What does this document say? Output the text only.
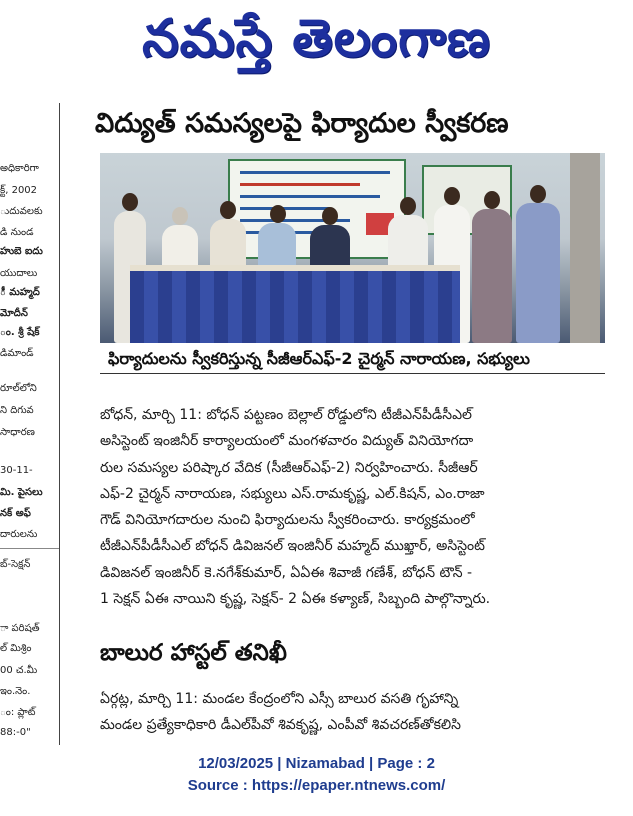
నమస్తే తెలంగాణ
అధికారిగా
క్ట్, 2002
ుదువలకు
డి నుండ
హుబె ఐదు
యుదాలు
ీ మహ్మద్
మోదీన్
ం. శ్రీ షేక్
డిమాండ్
రూల్‌లోని
ని దిగువ
సాధారణ
30-11-
మి. పైసలు
నక్ అఫ్
దారులను
బ్-సెక్షన్
ా పరిషత్
ల్ మిశ్రిం
00 చ.మీ
ఇం.నెం.
ం: ప్లాట్
88:-0"
విద్యుత్ సమస్యలపై ఫిర్యాదుల స్వీకరణ
ఫిర్యాదులను స్వీకరిస్తున్న సీజీఆర్ఎఫ్-2 చైర్మన్ నారాయణ, సభ్యులు
బోధన్, మార్చి 11: బోధన్ పట్టణం బెల్లాల్ రోడ్డులోని టీజీఎన్‌పీడీసీఎల్
అసిస్టెంట్ ఇంజినీర్ కార్యాలయంలో మంగళవారం విద్యుత్ వినియోగదా
రుల సమస్యల పరిష్కార వేదిక (సీజీఆర్ఎఫ్-2) నిర్వహించారు. సీజీఆర్
ఎఫ్-2 చైర్మన్ నారాయణ, సభ్యులు ఎస్.రామకృష్ణ, ఎల్.కిషన్, ఎం.రాజా
గౌడ్ వినియోగదారుల నుంచి ఫిర్యాదులను స్వీకరించారు. కార్యక్రమంలో
టీజీఎన్‌పీడీసీఎల్ బోధన్ డివిజనల్ ఇంజినీర్ మహ్మద్ ముఖ్తార్, అసిస్టెంట్
డివిజనల్ ఇంజినీర్ కె.నగేశ్‌కుమార్, ఏఏఈ శివాజీ గణేశ్, బోధన్ టౌన్ -
1 సెక్షన్ ఏఈ నాయిని కృష్ణ, సెక్షన్- 2 ఏఈ కళ్యాణ్, సిబ్బంది పాల్గొన్నారు.
బాలుర హాస్టల్ తనిఖీ
ఏర్గట్ల, మార్చి 11: మండల కేంద్రంలోని ఎస్సీ బాలుర వసతి గృహాన్ని
మండల ప్రత్యేకాధికారి డీఎల్‌పీవో శివకృష్ణ, ఎంపీవో శివచరణ్‌తోకలిసి
12/03/2025 | Nizamabad | Page : 2
Source : https://epaper.ntnews.com/
